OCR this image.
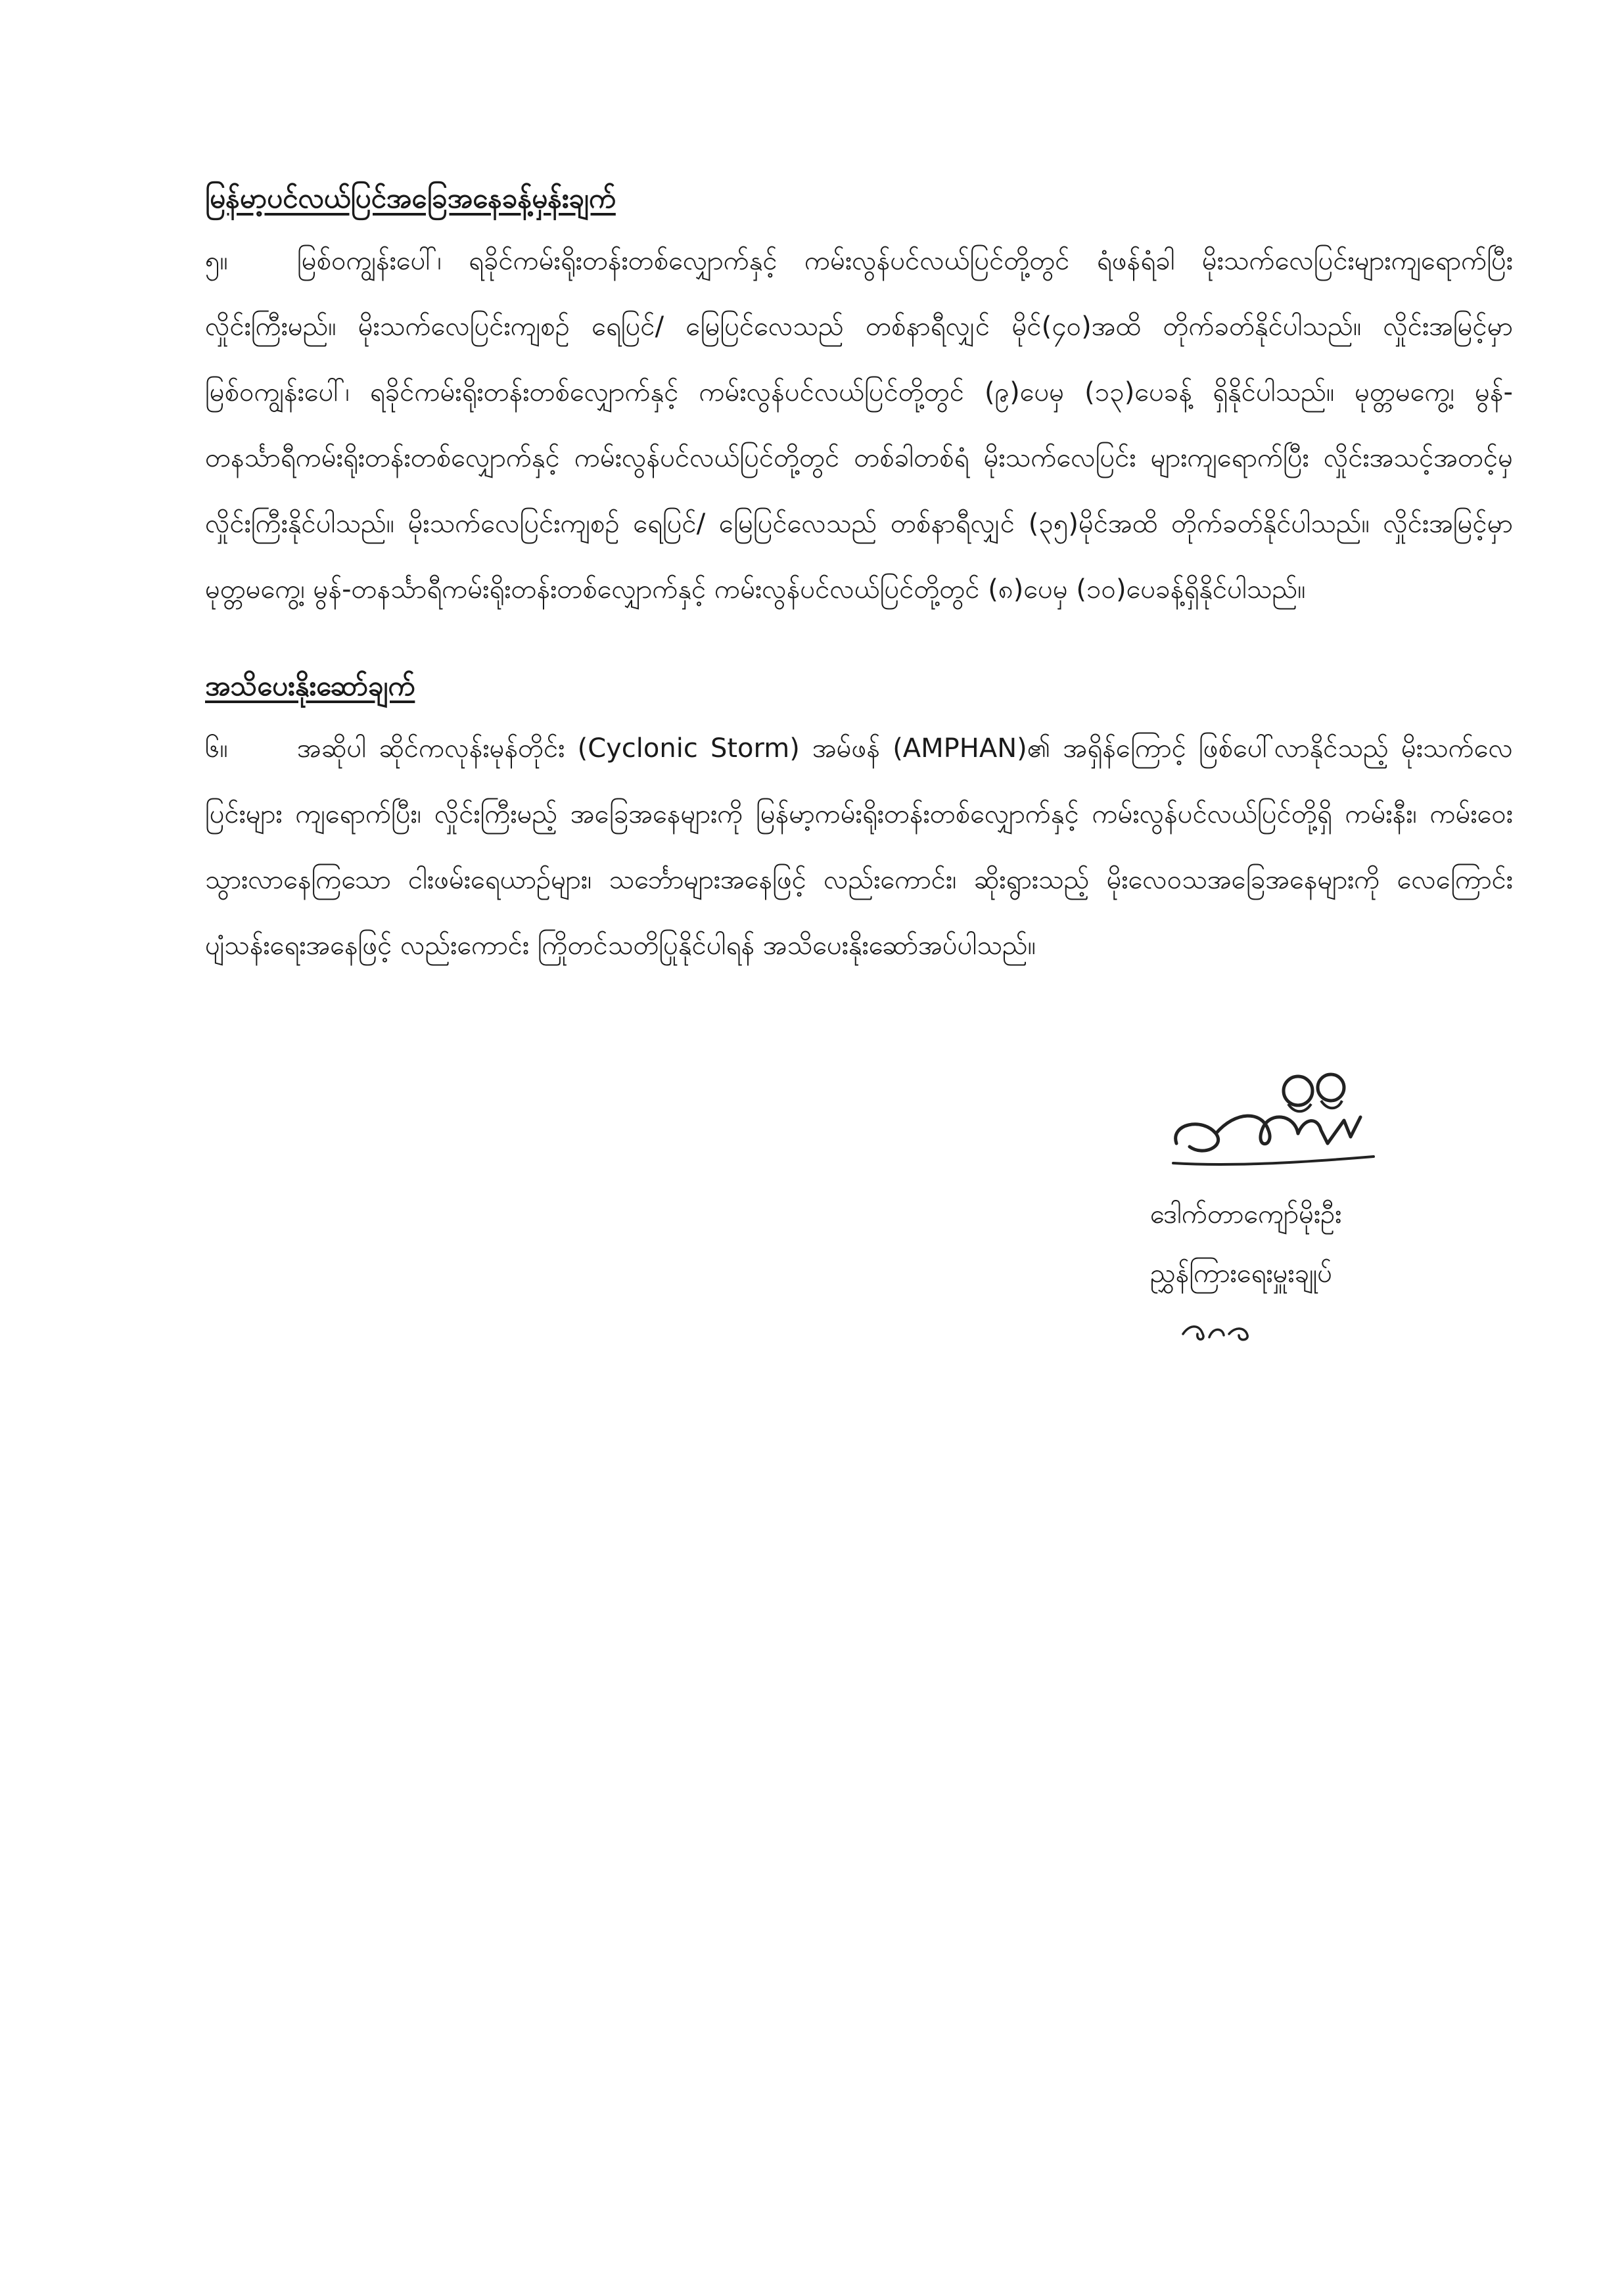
မြန်မာ့ပင်လယ်ပြင်အခြေအနေခန့်မှန်းချက်

၅။	မြစ်ဝကျွန်းပေါ်၊ ရခိုင်ကမ်းရိုးတန်းတစ်လျှောက်နှင့် ကမ်းလွန်ပင်လယ်ပြင်တို့တွင် ရံဖန်ရံခါ မိုးသက်လေပြင်းများကျရောက်ပြီး လှိုင်းကြီးမည်။ မိုးသက်လေပြင်းကျစဉ် ရေပြင်/ မြေပြင်လေသည် တစ်နာရီလျှင် မိုင်(၄၀)အထိ တိုက်ခတ်နိုင်ပါသည်။ လှိုင်းအမြင့်မှာ မြစ်ဝကျွန်းပေါ်၊ ရခိုင်ကမ်းရိုးတန်းတစ်လျှောက်နှင့် ကမ်းလွန်ပင်လယ်ပြင်တို့တွင် (၉)ပေမှ (၁၃)ပေခန့် ရှိနိုင်ပါသည်။ မုတ္တမကွေ့၊ မွန်-တနင်္သာရီကမ်းရိုးတန်းတစ်လျှောက်နှင့် ကမ်းလွန်ပင်လယ်ပြင်တို့တွင် တစ်ခါတစ်ရံ မိုးသက်လေပြင်း များကျရောက်ပြီး လှိုင်းအသင့်အတင့်မှ လှိုင်းကြီးနိုင်ပါသည်။ မိုးသက်လေပြင်းကျစဉ် ရေပြင်/ မြေပြင်လေသည် တစ်နာရီလျှင် (၃၅)မိုင်အထိ တိုက်ခတ်နိုင်ပါသည်။ လှိုင်းအမြင့်မှာ မုတ္တမကွေ့၊ မွန်-တနင်္သာရီကမ်းရိုးတန်းတစ်လျှောက်နှင့် ကမ်းလွန်ပင်လယ်ပြင်တို့တွင် (၈)ပေမှ (၁၀)ပေခန့်ရှိနိုင်ပါသည်။

အသိပေးနိုးဆော်ချက်

၆။	အဆိုပါ ဆိုင်ကလုန်းမုန်တိုင်း (Cyclonic Storm) အမ်ဖန် (AMPHAN)၏ အရှိန်ကြောင့် ဖြစ်ပေါ်လာနိုင်သည့် မိုးသက်လေပြင်းများ ကျရောက်ပြီး၊ လှိုင်းကြီးမည့် အခြေအနေများကို မြန်မာ့ကမ်းရိုးတန်းတစ်လျှောက်နှင့် ကမ်းလွန်ပင်လယ်ပြင်တို့ရှိ ကမ်းနီး၊ ကမ်းဝေး သွားလာနေကြသော ငါးဖမ်းရေယာဉ်များ၊ သင်္ဘောများအနေဖြင့် လည်းကောင်း၊ ဆိုးရွားသည့် မိုးလေဝသအခြေအနေများကို လေကြောင်းပျံသန်းရေးအနေဖြင့် လည်းကောင်း ကြိုတင်သတိပြုနိုင်ပါရန် အသိပေးနိုးဆော်အပ်ပါသည်။

ဒေါက်တာကျော်မိုးဦး
ညွှန်ကြားရေးမှူးချုပ်
